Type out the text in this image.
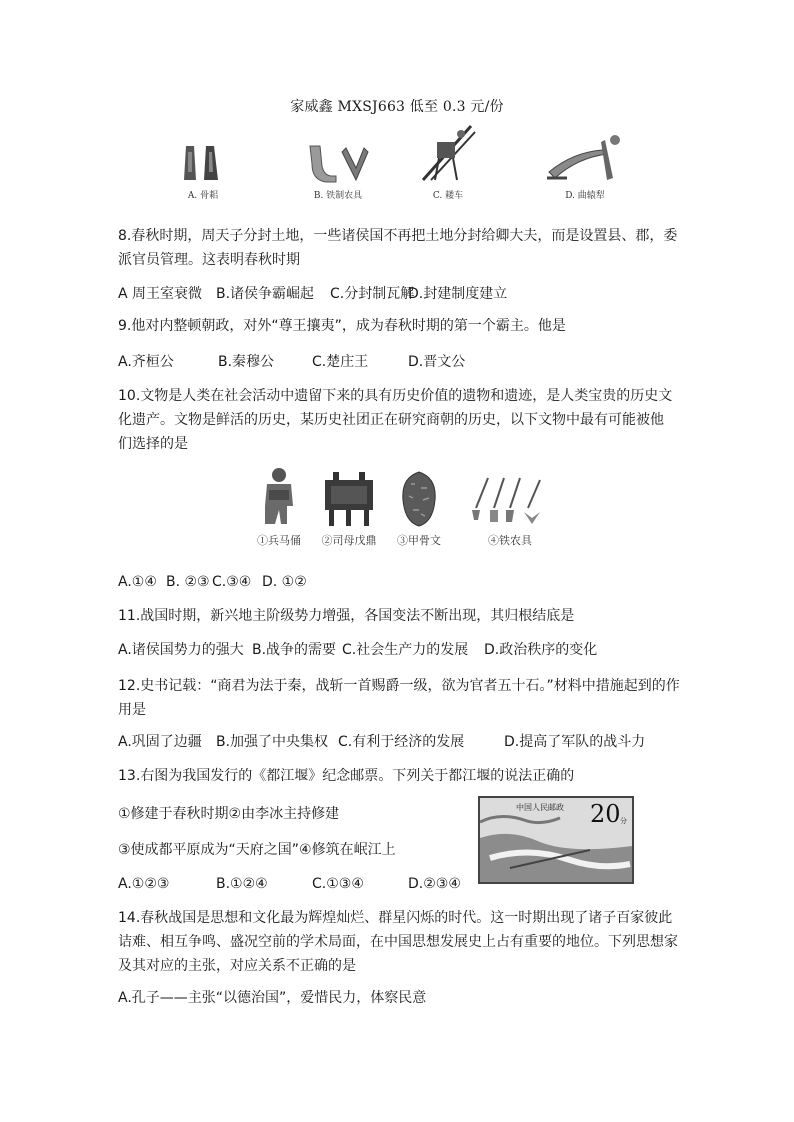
家威鑫 MXSJ663 低至 0.3 元/份
A. 骨耜	B. 铁制农具	C. 耧车	D. 曲辕犁
8.春秋时期，周天子分封土地，一些诸侯国不再把土地分封给卿大夫，而是设置县、郡，委派官员管理。这表明春秋时期

A 周王室衰微

B.诸侯争霸崛起

C.分封制瓦解

D.封建制度建立

9.他对内整顿朝政，对外“尊王攘夷”，成为春秋时期的第一个霸主。他是

A.齐桓公

	B.秦穆公

	C.楚庄王

	D.晋文公

10.文物是人类在社会活动中遗留下来的具有历史价值的遗物和遗迹，是人类宝贵的历史文化遗产。文物是鲜活的历史，某历史社团正在研究商朝的历史，以下文物中最有可能被他们选择的是
①兵马俑	②司母戊鼎	③甲骨文	④铁农具

A.①④

B. ②③

C.③④

D. ①②

11.战国时期，新兴地主阶级势力增强，各国变法不断出现，其归根结底是

A.诸侯国势力的强大

B.战争的需要

C.社会生产力的发展

D.政治秩序的变化

12.史书记载：“商君为法于秦，战斩一首赐爵一级，欲为官者五十石。”材料中措施起到的作用是

A.巩固了边疆

B.加强了中央集权

C.有利于经济的发展

	D.提高了军队的战斗力

13.右图为我国发行的《都江堰》纪念邮票。下列关于都江堰的说法正确的
①修建于春秋时期②由李冰主持修建
③使成都平原成为“天府之国”④修筑在岷江上

A.①②③

	B.①②④

	C.①③④

	D.②③④

中国人民邮政 20 分
14.春秋战国是思想和文化最为辉煌灿烂、群星闪烁的时代。这一时期出现了诸子百家彼此诘难、相互争鸣、盛况空前的学术局面，在中国思想发展史上占有重要的地位。下列思想家及其对应的主张，对应关系不正确的是
A.孔子——主张“以德治国”，爱惜民力，体察民意
